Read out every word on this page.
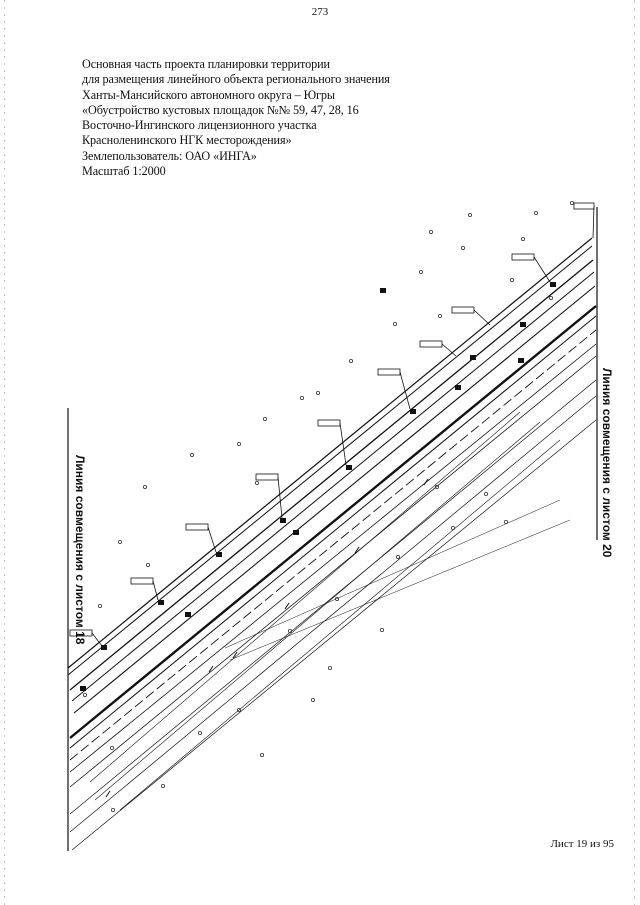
273
Основная часть проекта планировки территории
для размещения линейного объекта регионального значения
Ханты-Мансийского автономного округа – Югры
«Обустройство кустовых площадок №№ 59, 47, 28, 16
Восточно-Ингинского лицензионного участка
Красноленинского НГК месторождения»
Землепользователь: ОАО «ИНГА»
Масштаб 1:2000
Линия совмещения с листом 18	Линия совмещения с листом 20
Лист 19 из 95
